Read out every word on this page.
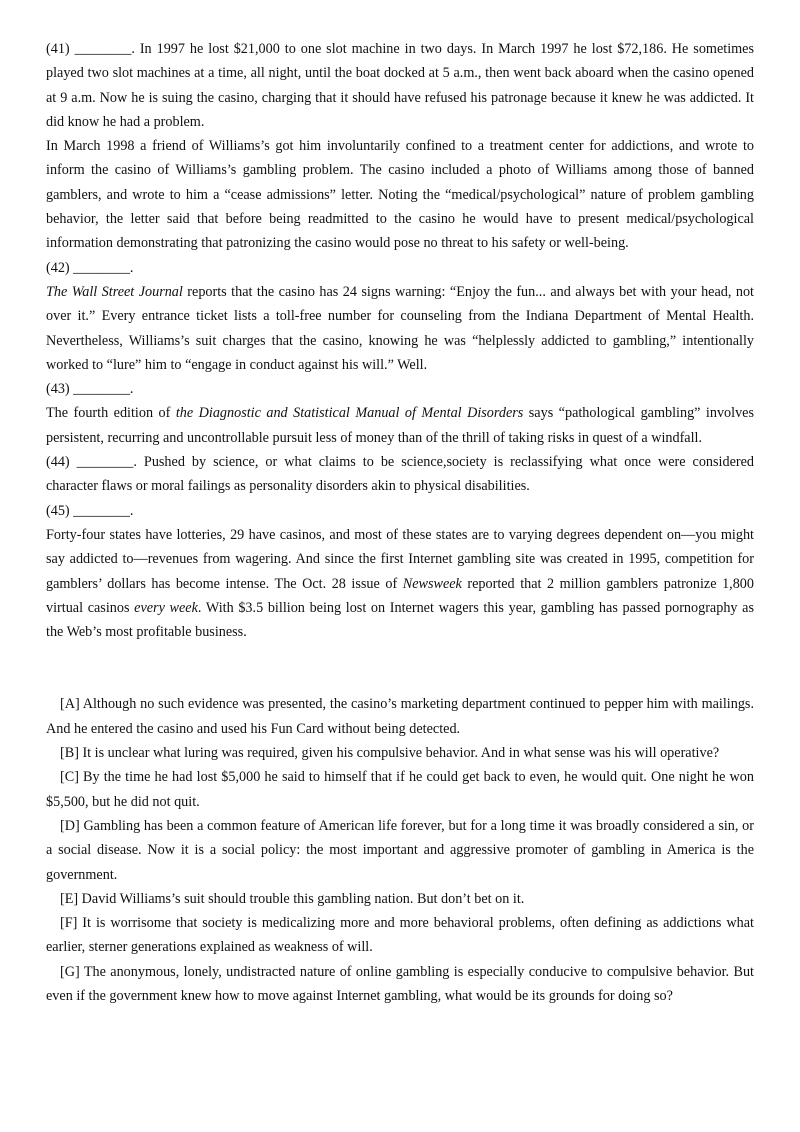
(41) ________. In 1997 he lost $21,000 to one slot machine in two days. In March 1997 he lost $72,186. He sometimes played two slot machines at a time, all night, until the boat docked at 5 a.m., then went back aboard when the casino opened at 9 a.m. Now he is suing the casino, charging that it should have refused his patronage because it knew he was addicted. It did know he had a problem.

In March 1998 a friend of Williams’s got him involuntarily confined to a treatment center for addictions, and wrote to inform the casino of Williams’s gambling problem. The casino included a photo of Williams among those of banned gamblers, and wrote to him a “cease admissions” letter. Noting the “medical/psychological” nature of problem gambling behavior, the letter said that before being readmitted to the casino he would have to present medical/psychological information demonstrating that patronizing the casino would pose no threat to his safety or well-being.

(42) ________.

The Wall Street Journal reports that the casino has 24 signs warning: “Enjoy the fun... and always bet with your head, not over it.” Every entrance ticket lists a toll-free number for counseling from the Indiana Department of Mental Health. Nevertheless, Williams’s suit charges that the casino, knowing he was “helplessly addicted to gambling,” intentionally worked to “lure” him to “engage in conduct against his will.” Well.

(43) ________.

The fourth edition of the Diagnostic and Statistical Manual of Mental Disorders says “pathological gambling” involves persistent, recurring and uncontrollable pursuit less of money than of the thrill of taking risks in quest of a windfall.

(44) ________. Pushed by science, or what claims to be science,society is reclassifying what once were considered character flaws or moral failings as personality disorders akin to physical disabilities.

(45) ________.

Forty-four states have lotteries, 29 have casinos, and most of these states are to varying degrees dependent on—you might say addicted to—revenues from wagering. And since the first Internet gambling site was created in 1995, competition for gamblers’ dollars has become intense. The Oct. 28 issue of Newsweek reported that 2 million gamblers patronize 1,800 virtual casinos every week. With $3.5 billion being lost on Internet wagers this year, gambling has passed pornography as the Web’s most profitable business.

[A] Although no such evidence was presented, the casino’s marketing department continued to pepper him with mailings. And he entered the casino and used his Fun Card without being detected.

[B] It is unclear what luring was required, given his compulsive behavior. And in what sense was his will operative?

[C] By the time he had lost $5,000 he said to himself that if he could get back to even, he would quit. One night he won $5,500, but he did not quit.

[D] Gambling has been a common feature of American life forever, but for a long time it was broadly considered a sin, or a social disease. Now it is a social policy: the most important and aggressive promoter of gambling in America is the government.

[E] David Williams’s suit should trouble this gambling nation. But don’t bet on it.

[F] It is worrisome that society is medicalizing more and more behavioral problems, often defining as addictions what earlier, sterner generations explained as weakness of will.

[G] The anonymous, lonely, undistracted nature of online gambling is especially conducive to compulsive behavior. But even if the government knew how to move against Internet gambling, what would be its grounds for doing so?
